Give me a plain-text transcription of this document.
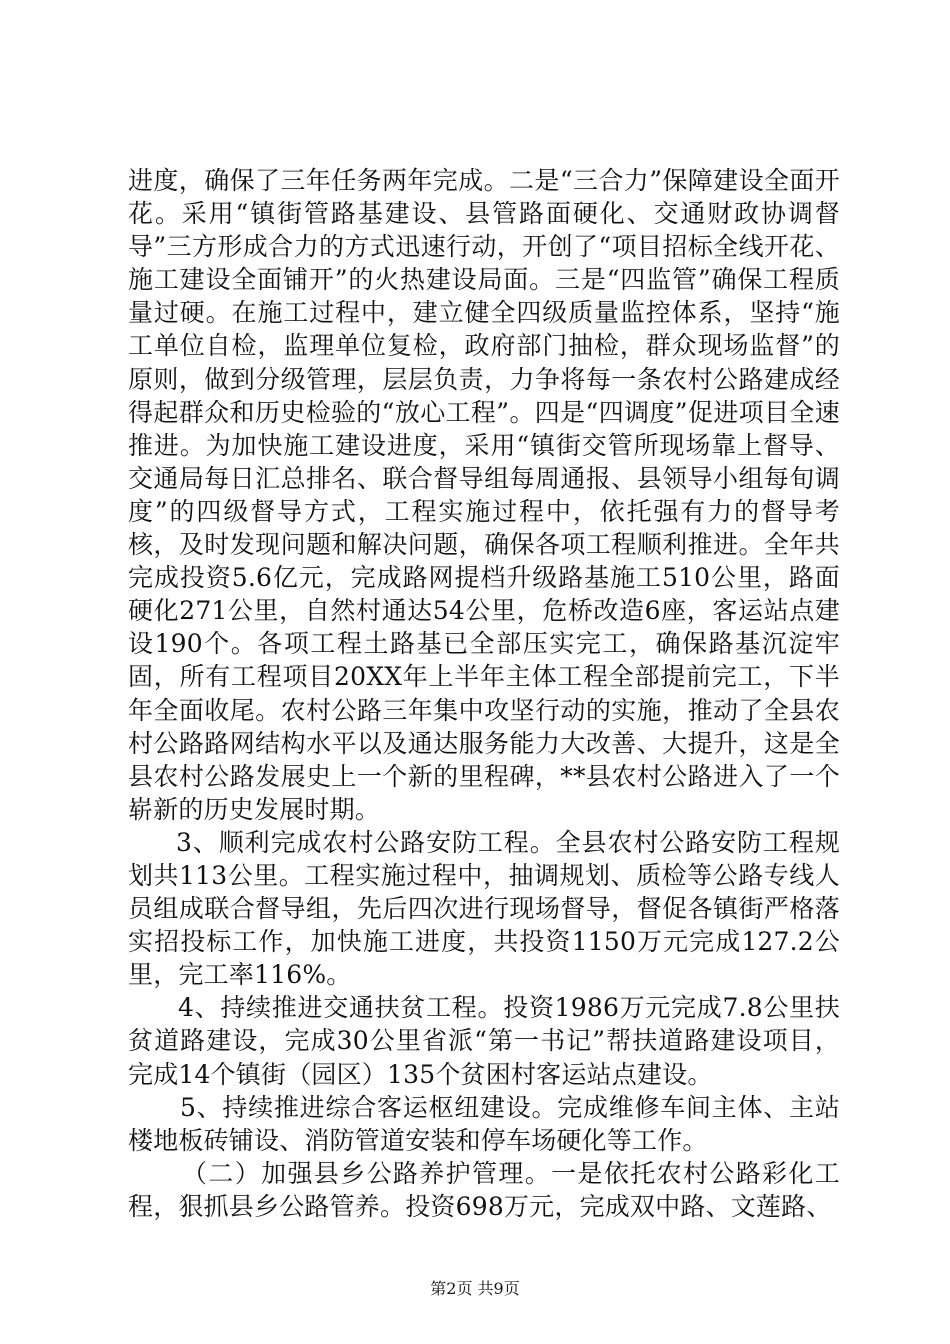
进度，确保了三年任务两年完成。二是“三合力”保障建设全面开花。采用“镇街管路基建设、县管路面硬化、交通财政协调督导”三方形成合力的方式迅速行动，开创了“项目招标全线开花、施工建设全面铺开”的火热建设局面。三是“四监管”确保工程质量过硬。在施工过程中，建立健全四级质量监控体系，坚持“施工单位自检，监理单位复检，政府部门抽检，群众现场监督”的原则，做到分级管理，层层负责，力争将每一条农村公路建成经得起群众和历史检验的“放心工程”。四是“四调度”促进项目全速推进。为加快施工建设进度，采用“镇街交管所现场靠上督导、交通局每日汇总排名、联合督导组每周通报、县领导小组每旬调度”的四级督导方式，工程实施过程中，依托强有力的督导考核，及时发现问题和解决问题，确保各项工程顺利推进。全年共完成投资5.6亿元，完成路网提档升级路基施工510公里，路面硬化271公里，自然村通达54公里，危桥改造6座，客运站点建设190个。各项工程土路基已全部压实完工，确保路基沉淀牢固，所有工程项目20XX年上半年主体工程全部提前完工，下半年全面收尾。农村公路三年集中攻坚行动的实施，推动了全县农村公路路网结构水平以及通达服务能力大改善、大提升，这是全县农村公路发展史上一个新的里程碑，**县农村公路进入了一个崭新的历史发展时期。

3、顺利完成农村公路安防工程。全县农村公路安防工程规划共113公里。工程实施过程中，抽调规划、质检等公路专线人员组成联合督导组，先后四次进行现场督导，督促各镇街严格落实招投标工作，加快施工进度，共投资1150万元完成127.2公里，完工率116%。

4、持续推进交通扶贫工程。投资1986万元完成7.8公里扶贫道路建设，完成30公里省派“第一书记”帮扶道路建设项目，完成14个镇街（园区）135个贫困村客运站点建设。

5、持续推进综合客运枢纽建设。完成维修车间主体、主站楼地板砖铺设、消防管道安装和停车场硬化等工作。

（二）加强县乡公路养护管理。一是依托农村公路彩化工程，狠抓县乡公路管养。投资698万元，完成双中路、文莲路、

第2页 共9页
